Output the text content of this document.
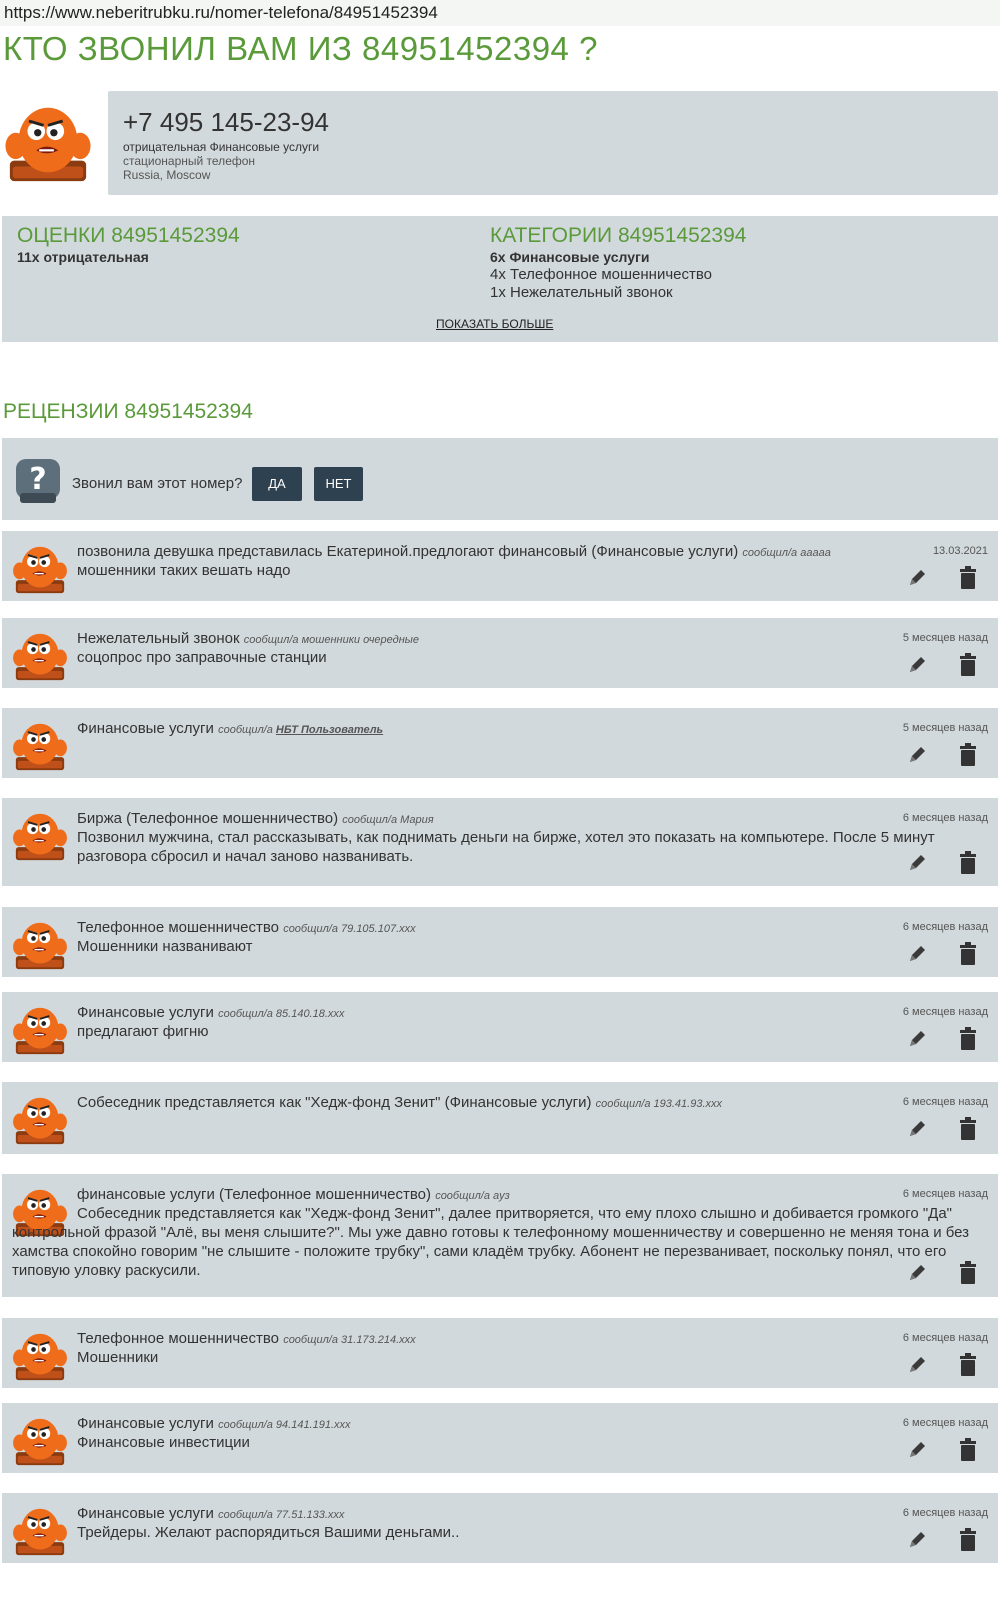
https://www.neberitrubku.ru/nomer-telefona/84951452394
КТО ЗВОНИЛ ВАМ ИЗ 84951452394 ?
+7 495 145-23-94
отрицательная Финансовые услуги
стационарный телефон
Russia, Moscow
ОЦЕНКИ 84951452394
11x отрицательная
КАТЕГОРИИ 84951452394
6x Финансовые услуги
4x Телефонное мошенничество
1x Нежелательный звонок
ПОКАЗАТЬ БОЛЬШЕ
РЕЦЕНЗИИ 84951452394
? Звонил вам этот номер?	ДА	НЕТ
позвонила девушка представилась Екатериной.предлогают финансовый (Финансовые услуги) сообщил/а aaaaa	13.03.2021
мошенники таких вешать надо
Нежелательный звонок сообщил/а мошенники очередные	5 месяцев назад
соцопрос про заправочные станции
Финансовые услуги сообщил/а НБТ Пользователь	5 месяцев назад
Биржа (Телефонное мошенничество) сообщил/а Мария	6 месяцев назад
Позвонил мужчина, стал рассказывать, как поднимать деньги на бирже, хотел это показать на компьютере. После 5 минут разговора сбросил и начал заново названивать.
Телефонное мошенничество сообщил/а 79.105.107.xxx	6 месяцев назад
Мошенники названивают
Финансовые услуги сообщил/а 85.140.18.xxx	6 месяцев назад
предлагают фигню
Собеседник представляется как "Хедж-фонд Зенит" (Финансовые услуги) сообщил/а 193.41.93.xxx	6 месяцев назад
финансовые услуги (Телефонное мошенничество) сообщил/а ayз	6 месяцев назад
Собеседник представляется как "Хедж-фонд Зенит", далее притворяется, что ему плохо слышно и добивается громкого "Да" контрольной фразой "Алё, вы меня слышите?". Мы уже давно готовы к телефонному мошенничеству и совершенно не меняя тона и без хамства спокойно говорим "не слышите - положите трубку", сами кладём трубку. Абонент не перезванивает, поскольку понял, что его типовую уловку раскусили.
Телефонное мошенничество сообщил/а 31.173.214.xxx	6 месяцев назад
Мошенники
Финансовые услуги сообщил/а 94.141.191.xxx	6 месяцев назад
Финансовые инвестиции
Финансовые услуги сообщил/а 77.51.133.xxx	6 месяцев назад
Трейдеры. Желают распорядиться Вашими деньгами..
